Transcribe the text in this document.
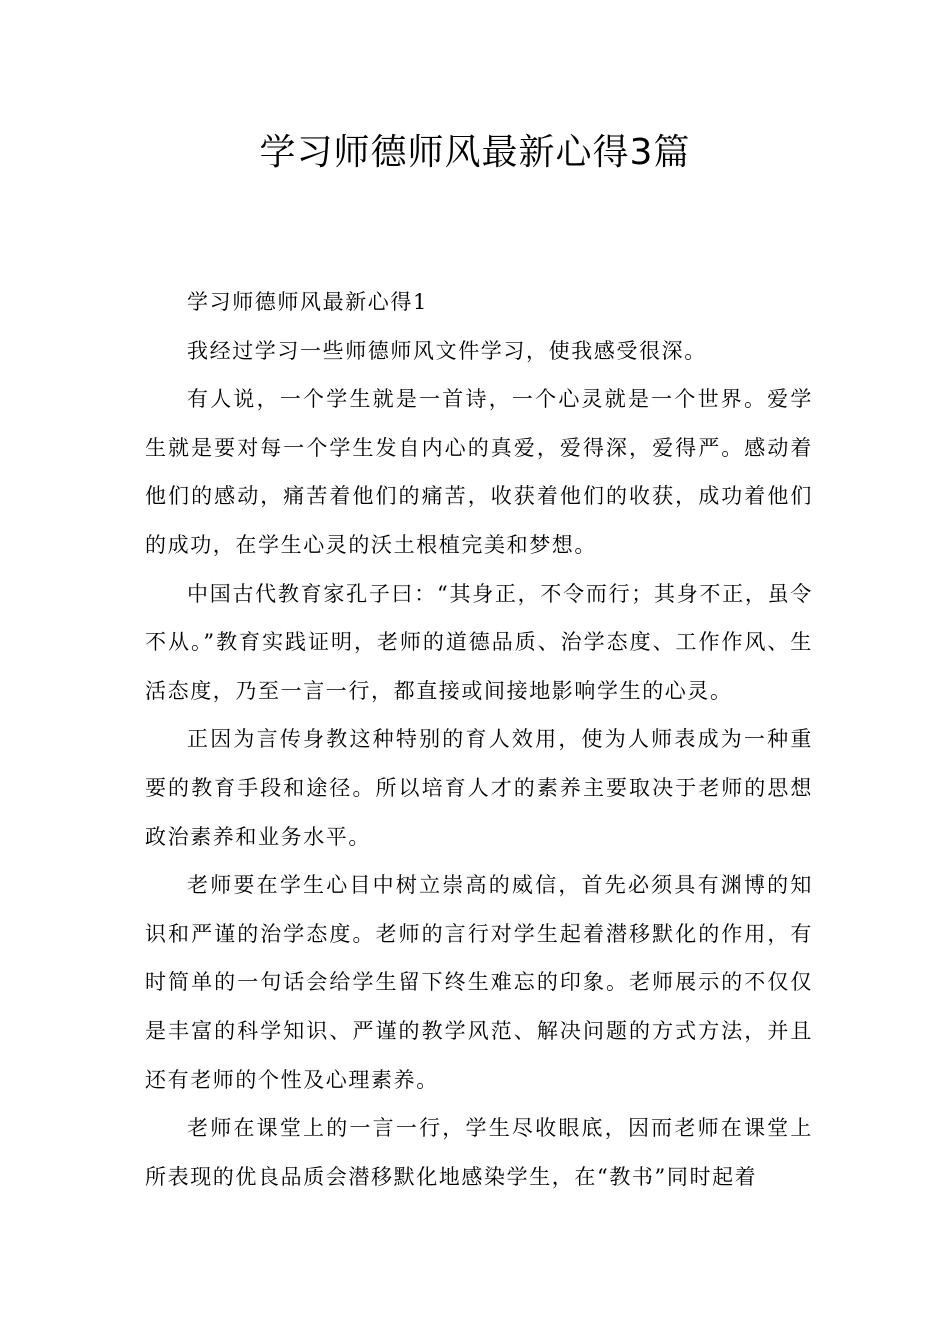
学习师德师风最新心得3篇

学习师德师风最新心得1

我经过学习一些师德师风文件学习，使我感受很深。

有人说，一个学生就是一首诗，一个心灵就是一个世界。爱学生就是要对每一个学生发自内心的真爱，爱得深，爱得严。感动着他们的感动，痛苦着他们的痛苦，收获着他们的收获，成功着他们的成功，在学生心灵的沃土根植完美和梦想。

中国古代教育家孔子曰：“其身正，不令而行；其身不正，虽令不从。”教育实践证明，老师的道德品质、治学态度、工作作风、生活态度，乃至一言一行，都直接或间接地影响学生的心灵。

正因为言传身教这种特别的育人效用，使为人师表成为一种重要的教育手段和途径。所以培育人才的素养主要取决于老师的思想政治素养和业务水平。

老师要在学生心目中树立崇高的威信，首先必须具有渊博的知识和严谨的治学态度。老师的言行对学生起着潜移默化的作用，有时简单的一句话会给学生留下终生难忘的印象。老师展示的不仅仅是丰富的科学知识、严谨的教学风范、解决问题的方式方法，并且还有老师的个性及心理素养。

老师在课堂上的一言一行，学生尽收眼底，因而老师在课堂上所表现的优良品质会潜移默化地感染学生，在“教书”同时起着
